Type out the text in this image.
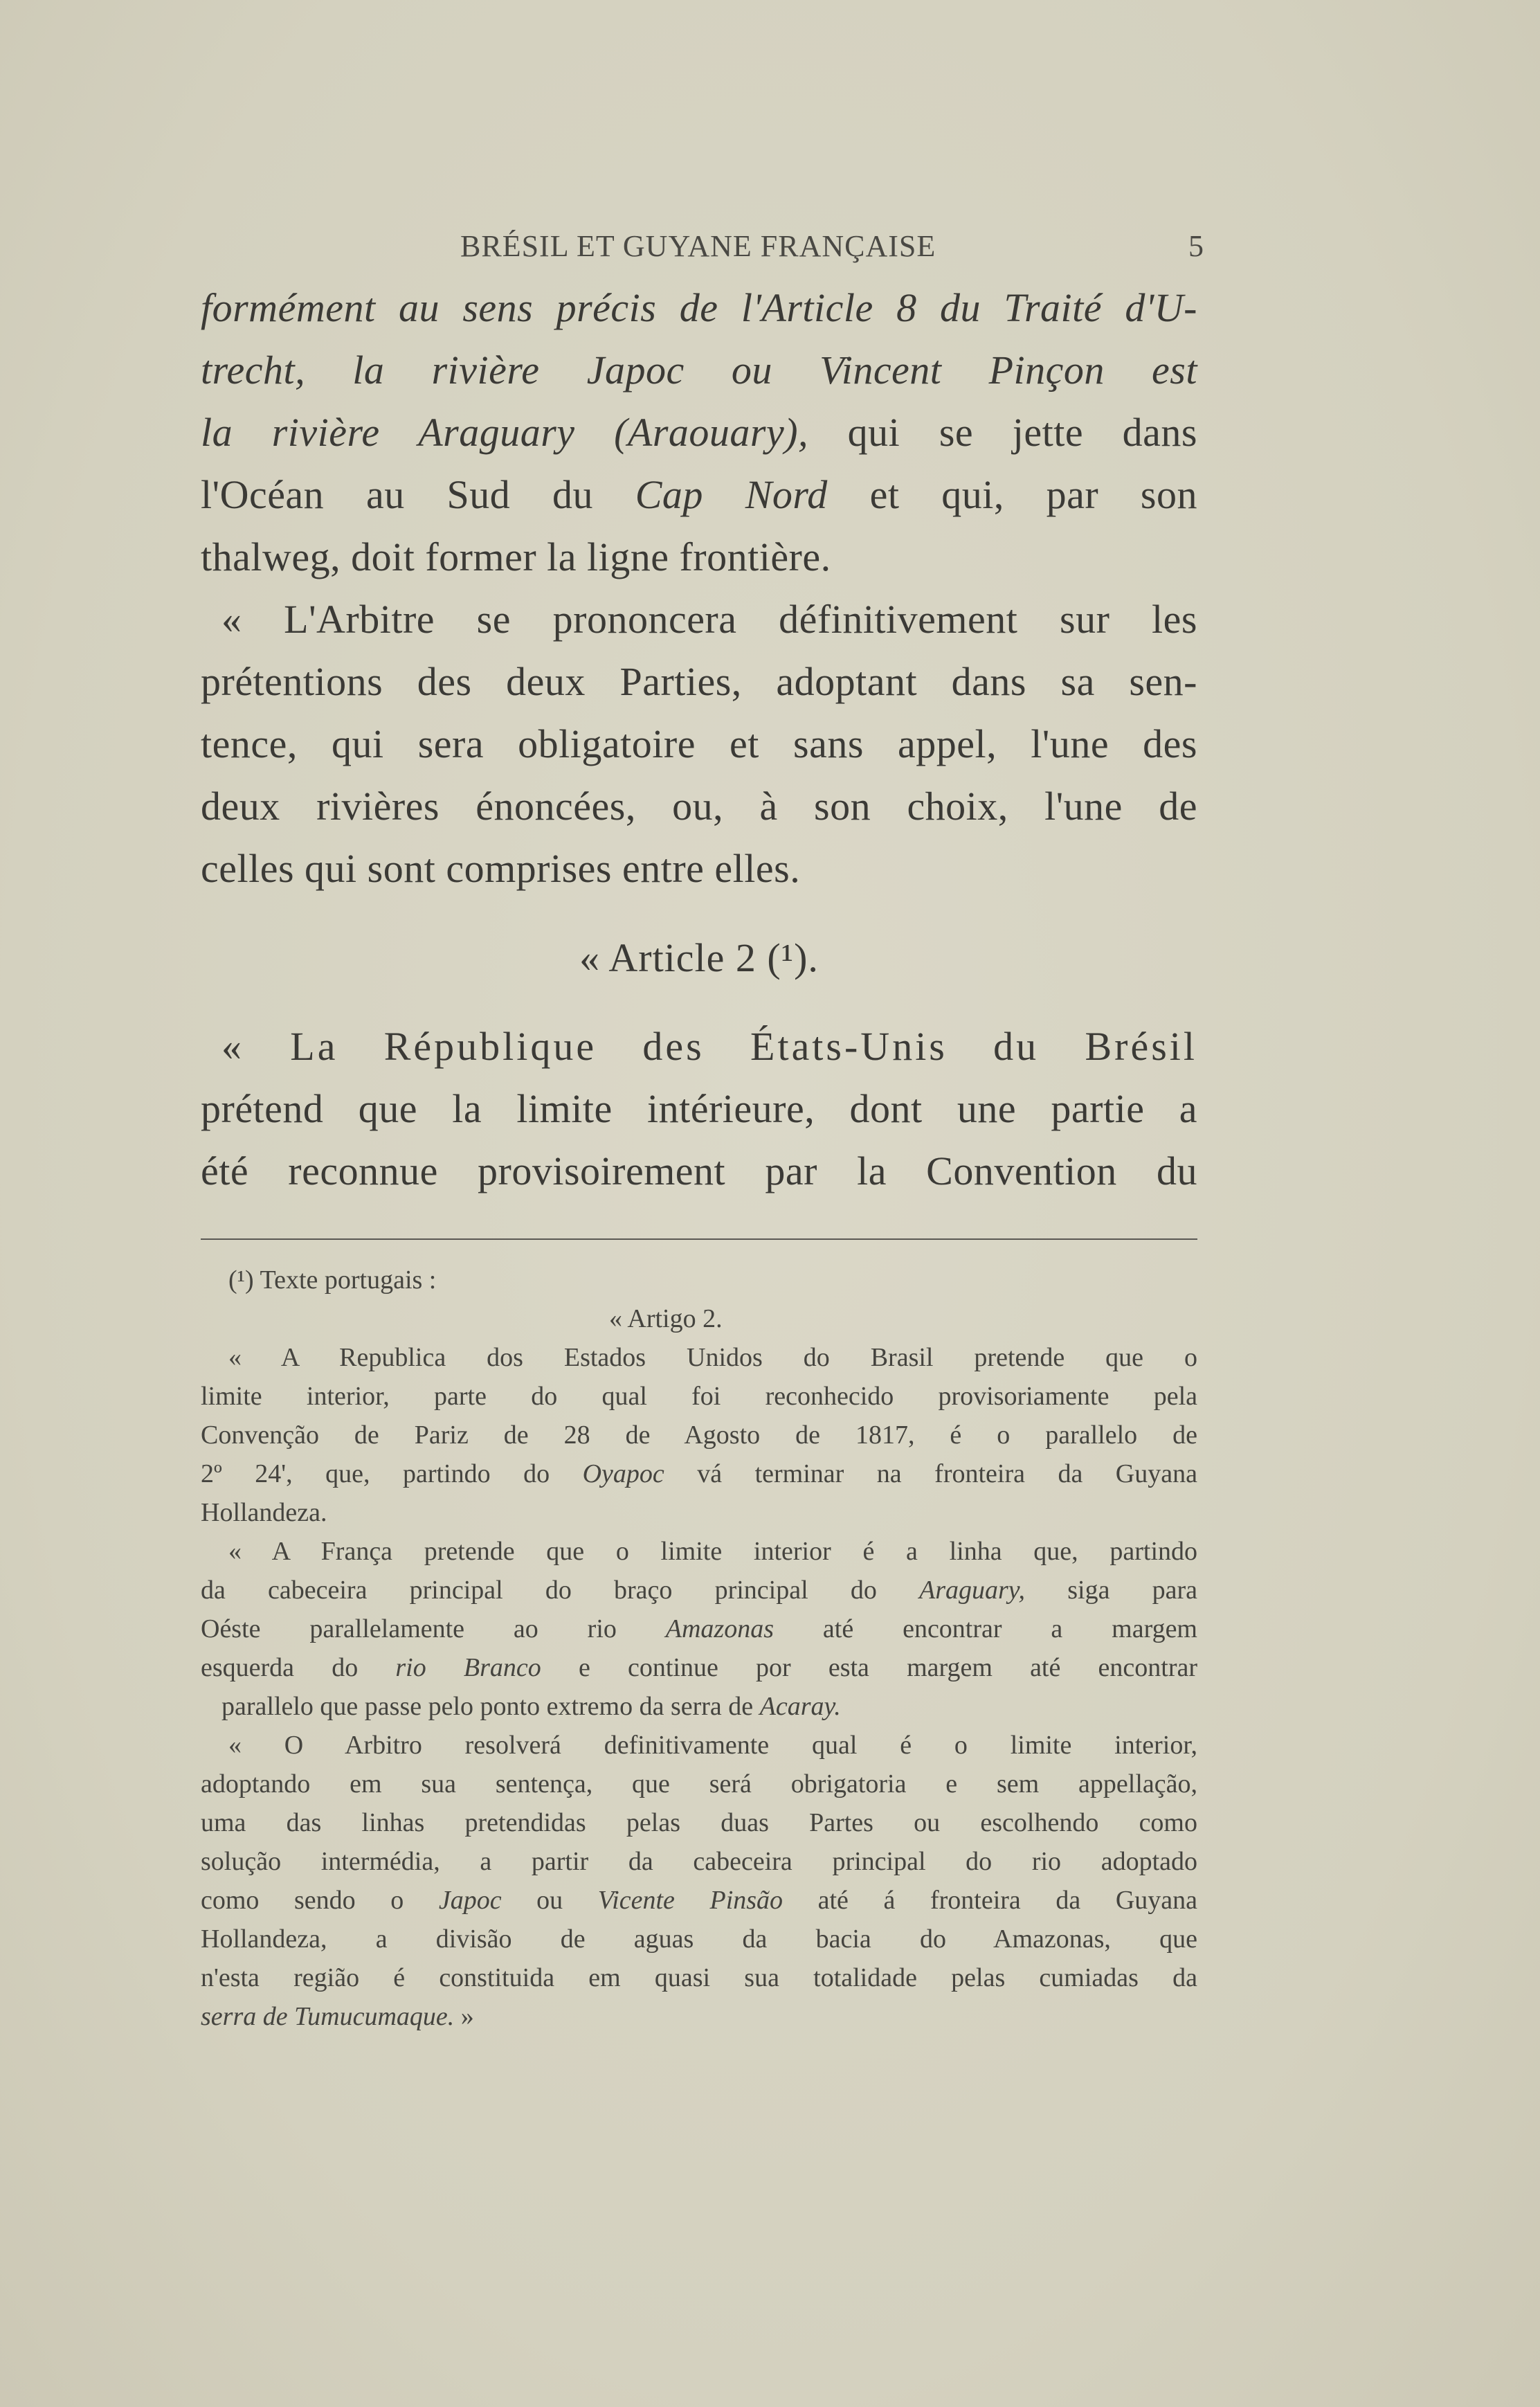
BRÉSIL ET GUYANE FRANÇAISE	5
formément au sens précis de l'Article 8 du Traité d'U-
trecht, la rivière Japoc ou Vincent Pinçon est
la rivière Araguary (Araouary), qui se jette dans
l'Océan au Sud du Cap Nord et qui, par son
thalweg, doit former la ligne frontière.
« L'Arbitre se prononcera définitivement sur les
prétentions des deux Parties, adoptant dans sa sen-
tence, qui sera obligatoire et sans appel, l'une des
deux rivières énoncées, ou, à son choix, l'une de
celles qui sont comprises entre elles.
« Article 2 (¹).
« La République des États-Unis du Brésil
prétend que la limite intérieure, dont une partie a
été reconnue provisoirement par la Convention du
(¹) Texte portugais :
« Artigo 2.
« A Republica dos Estados Unidos do Brasil pretende que o
limite interior, parte do qual foi reconhecido provisoriamente pela
Convenção de Pariz de 28 de Agosto de 1817, é o parallelo de
2º 24', que, partindo do Oyapoc vá terminar na fronteira da Guyana
Hollandeza.
« A França pretende que o limite interior é a linha que, partindo
da cabeceira principal do braço principal do Araguary, siga para
Oéste parallelamente ao rio Amazonas até encontrar a margem
esquerda do rio Branco e continue por esta margem até encontrar
parallelo que passe pelo ponto extremo da serra de Acaray.
« O Arbitro resolverá definitivamente qual é o limite interior,
adoptando em sua sentença, que será obrigatoria e sem appellação,
uma das linhas pretendidas pelas duas Partes ou escolhendo como
solução intermédia, a partir da cabeceira principal do rio adoptado
como sendo o Japoc ou Vicente Pinsão até á fronteira da Guyana
Hollandeza, a divisão de aguas da bacia do Amazonas, que
n'esta região é constituida em quasi sua totalidade pelas cumiadas da
serra de Tumucumaque. »
